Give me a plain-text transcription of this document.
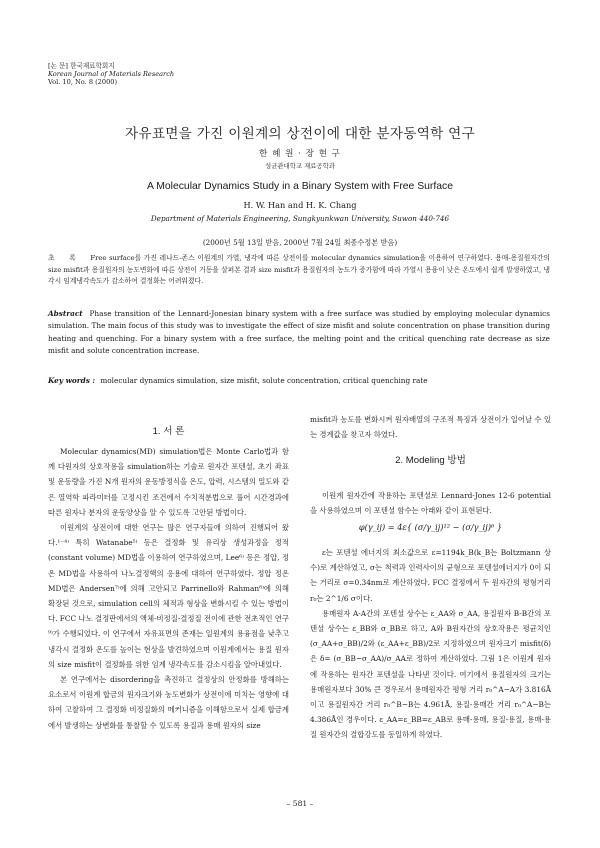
[논 문] 한국재료학회지
Korean Journal of Materials Research
Vol. 10, No. 8 (2000)
자유표면을 가진 이원계의 상전이에 대한 분자동역학 연구
한 혜 원 · 장 현 구
성균관대학교 재료공학과
A Molecular Dynamics Study in a Binary System with Free Surface
H. W. Han and H. K. Chang
Department of Materials Engineering, Sungkyunkwan University, Suwon 440-746
(2000년 5월 13일 받음, 2000년 7월 24일 최종수정본 받음)
초 록 Free surface를 가진 레나드-존스 이원계의 가열, 냉각에 따른 상전이를 molecular dynamics simulation을 이용하여 연구하였다. 용매-용질원자간의 size misfit과 용질원자의 농도변화에 따른 상전이 거동을 살펴본 결과 size misfit과 용질원자의 농도가 증가함에 따라 가열시 용융이 낮은 온도에서 쉽게 발생하였고, 냉각시 임계냉각속도가 감소하여 결정화는 어려워졌다.
Abstract Phase transition of the Lennard-Jonesian binary system with a free surface was studied by employing molecular dynamics simulation. The main focus of this study was to investigate the effect of size misfit and solute concentration on phase transition during heating and quenching. For a binary system with a free surface, the melting point and the critical quenching rate decrease as size misfit and solute concentration increase.
Key words : molecular dynamics simulation, size misfit, solute concentration, critical quenching rate
1. 서 론

Molecular dynamics(MD) simulation법은 Monte Carlo법과 함께 다원자의 상호작용을 simulation하는 기술로 원자간 포텐셜, 초기 좌표 및 운동량을 가진 N개 원자의 운동방정식을 온도, 압력, 시스템의 밀도와 같은 열역학 파라미터를 고정시킨 조건에서 수치적분법으로 풀어 시간경과에 따른 원자나 분자의 운동양상을 알 수 있도록 고안된 방법이다.

이원계의 상전이에 대한 연구는 많은 연구자들에 의하여 진행되어 왔다.¹⁻⁴⁾ 특히 Watanabe⁵⁾ 등은 결정화 및 유리상 생성과정을 정적(constant volume) MD법을 이용하여 연구하였으며, Lee⁶⁾ 등은 정압, 정온 MD법을 사용하여 나노결정핵의 응용에 대하여 연구하였다. 정압 정온 MD법은 Andersen⁷⁾에 의해 고안되고 Parrinello와 Rahman⁸⁾에 의해 확장된 것으로, simulation cell의 체적과 형상을 변화시킬 수 있는 방법이다. FCC 나노 결정판에서의 액체-비정질-결정질 전이에 관한 전초적인 연구⁹⁾가 수행되었다. 이 연구에서 자유표면의 존재는 일원계의 용융점을 낮추고 냉각시 결정화 온도를 높이는 현상을 발견하였으며 이원계에서는 용질 원자의 size misfit이 결정화를 위한 임계 냉각속도를 감소시킴을 알아내었다.

본 연구에서는 disordering을 촉진하고 결정상의 안정화를 방해하는 요소로서 이원계 합금의 원자크기와 농도변화가 상전이에 미치는 영향에 대하여 고찰하여 그 결정화 비정질화의 메커니즘을 이해함으로서 실제 합금계에서 발생하는 상변화를 통찰할 수 있도록 용질과 용매 원자의 size

misfit과 농도를 변화시켜 원자배열의 구조적 특징과 상전이가 일어날 수 있는 경계값을 찾고자 하였다.

2. Modeling 방법

이원계 원자간에 작용하는 포텐셜로 Lennard-Jones 12-6 potential을 사용하였으며 이 포텐셜 함수는 아래와 같이 표현된다.

φ(γ_ij) = 4ε{ (σ/γ_ij)¹² − (σ/γ_ij)⁶ }

ε는 포텐셜 에너지의 최소값으로 ε=1194k_B(k_B는 Boltzmann 상수)로 계산하였고, σ는 척력과 인력사이의 균형으로 포텐셜에너지가 0이 되는 거리로 σ=0.34nm로 계산하였다. FCC 결정에서 두 원자간의 평형거리 r₀는 2^1/6 σ이다.

용매원자 A-A간의 포텐셜 상수는 ε_AA와 σ_AA, 용질원자 B-B간의 포텐셜 상수는 ε_BB와 σ_BB로 하고, A와 B원자간의 상호작용은 평균치인 (σ_AA+σ_BB)/2와 (ε_AA+ε_BB)/2로 지정하였으며 원자크기 misfit(δ)은 δ= (σ_BB−σ_AA)/σ_AA로 정하여 계산하였다. 그림 1은 이원계 원자에 작용하는 원자간 포텐셜을 나타낸 것이다. 여기에서 용질원자의 크기는 용매원자보다 30% 큰 경우로서 용매원자간 평형 거리 r₀^A−A가 3.816Å이고 용질원자간 거리 r₀^B−B는 4.961Å, 용질-용매간 거리 r₀^A−B는 4.386Å인 경우이다. ε_AA=ε_BB=ε_AB로 용매-용매, 용질-용질, 용매-용질 원자간의 결합강도를 동일하게 하였다.

– 581 –
